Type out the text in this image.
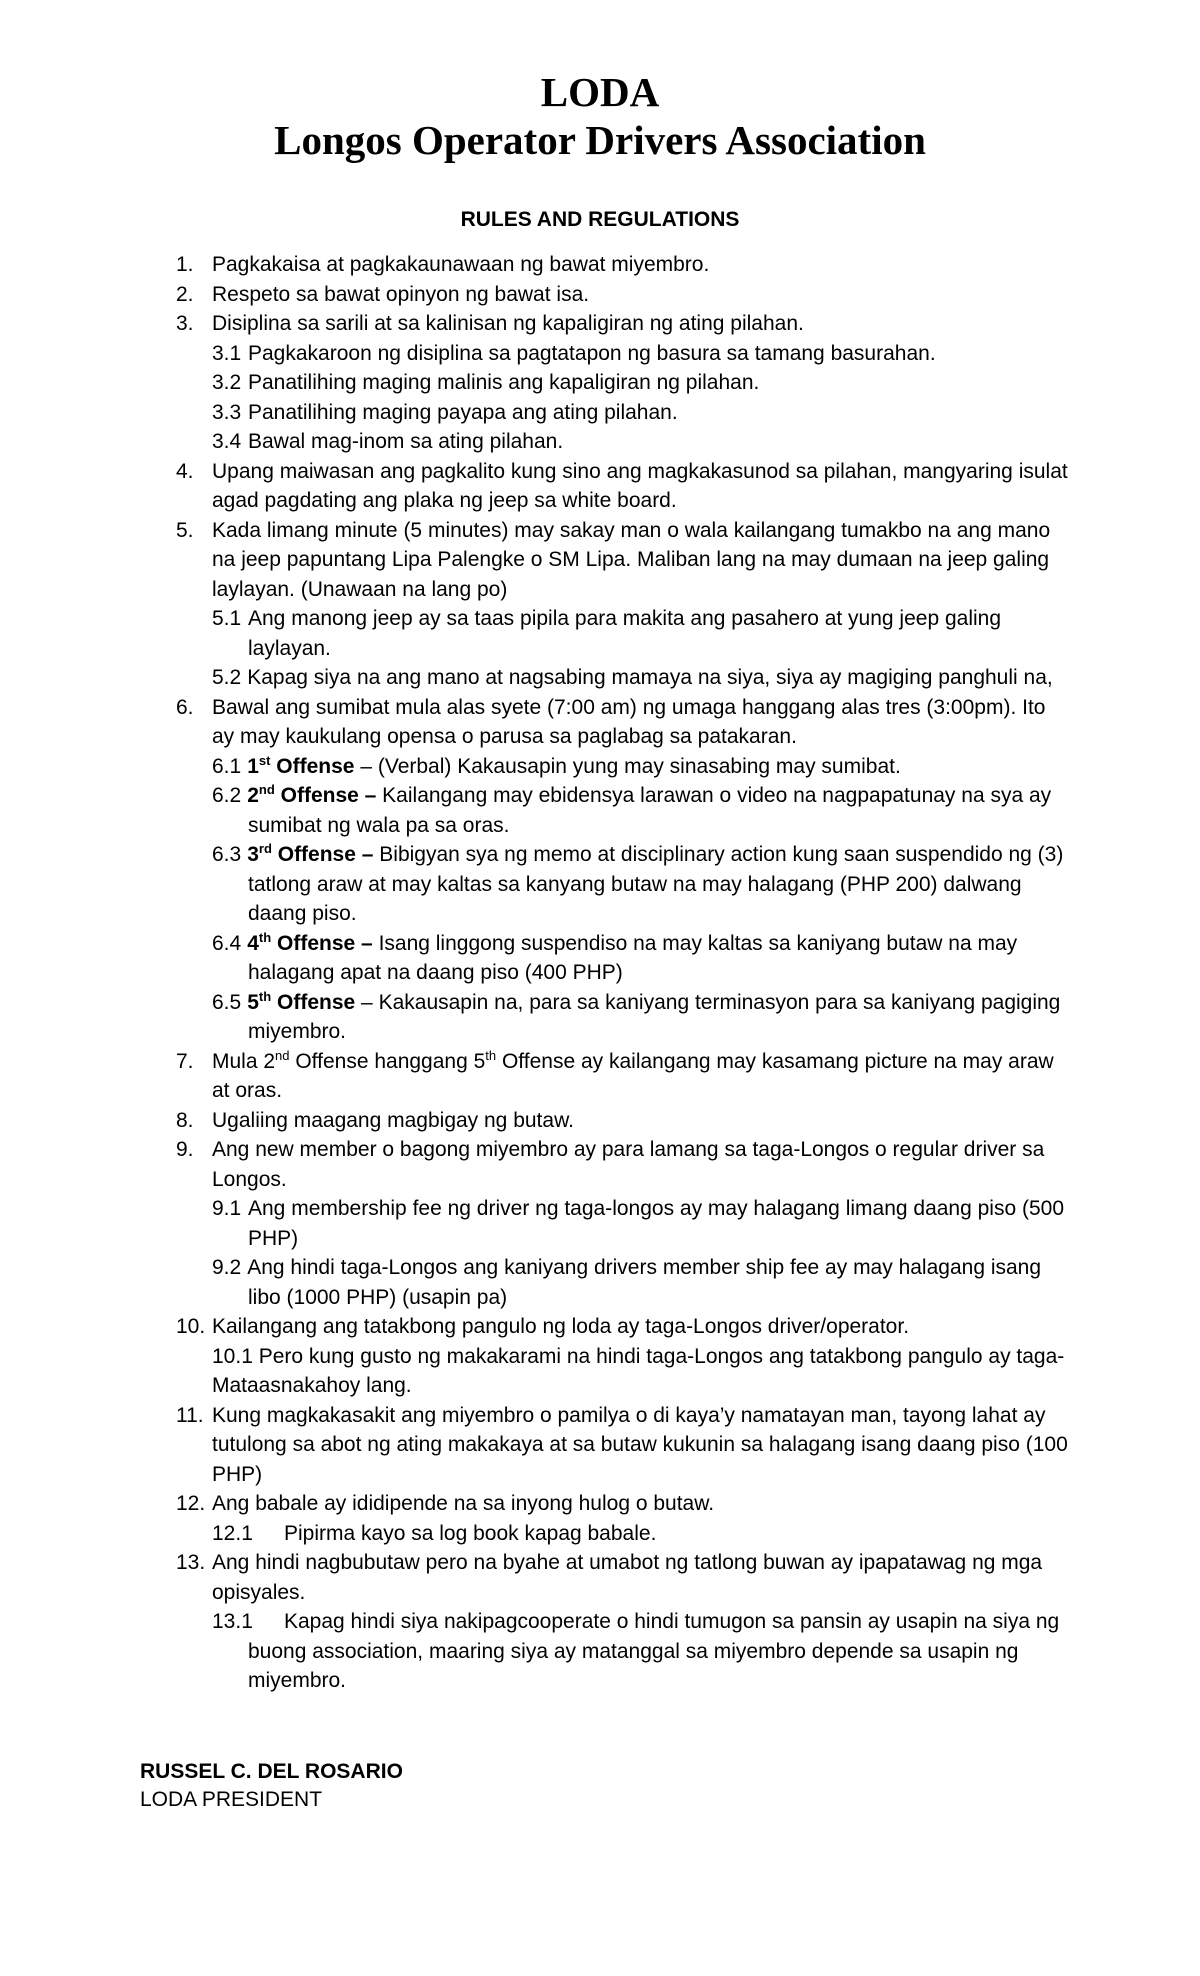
LODA
Longos Operator Drivers Association
RULES AND REGULATIONS
1. Pagkakaisa at pagkakaunawaan ng bawat miyembro.
2. Respeto sa bawat opinyon ng bawat isa.
3. Disiplina sa sarili at sa kalinisan ng kapaligiran ng ating pilahan.
3.1 Pagkakaroon ng disiplina sa pagtatapon ng basura sa tamang basurahan.
3.2 Panatilihing maging malinis ang kapaligiran ng pilahan.
3.3 Panatilihing maging payapa ang ating pilahan.
3.4 Bawal mag-inom sa ating pilahan.
4. Upang maiwasan ang pagkalito kung sino ang magkakasunod sa pilahan, mangyaring isulat agad pagdating ang plaka ng jeep sa white board.
5. Kada limang minute (5 minutes) may sakay man o wala kailangang tumakbo na ang mano na jeep papuntang Lipa Palengke o SM Lipa. Maliban lang na may dumaan na jeep galing laylayan. (Unawaan na lang po)
5.1 Ang manong jeep ay sa taas pipila para makita ang pasahero at yung jeep galing laylayan.
5.2 Kapag siya na ang mano at nagsabing mamaya na siya, siya ay magiging panghuli na,
6. Bawal ang sumibat mula alas syete (7:00 am) ng umaga hanggang alas tres (3:00pm). Ito ay may kaukulang opensa o parusa sa paglabag sa patakaran.
6.1 1st Offense – (Verbal) Kakausapin yung may sinasabing may sumibat.
6.2 2nd Offense – Kailangang may ebidensya larawan o video na nagpapatunay na sya ay sumibat ng wala pa sa oras.
6.3 3rd Offense – Bibigyan sya ng memo at disciplinary action kung saan suspendido ng (3) tatlong araw at may kaltas sa kanyang butaw na may halagang (PHP 200) dalwang daang piso.
6.4 4th Offense – Isang linggong suspendiso na may kaltas sa kaniyang butaw na may halagang apat na daang piso (400 PHP)
6.5 5th Offense – Kakausapin na, para sa kaniyang terminasyon para sa kaniyang pagiging miyembro.
7. Mula 2nd Offense hanggang 5th Offense ay kailangang may kasamang picture na may araw at oras.
8. Ugaliing maagang magbigay ng butaw.
9. Ang new member o bagong miyembro ay para lamang sa taga-Longos o regular driver sa Longos.
9.1 Ang membership fee ng driver ng taga-longos ay may halagang limang daang piso (500 PHP)
9.2 Ang hindi taga-Longos ang kaniyang drivers member ship fee ay may halagang isang libo (1000 PHP) (usapin pa)
10. Kailangang ang tatakbong pangulo ng loda ay taga-Longos driver/operator.
10.1 Pero kung gusto ng makakarami na hindi taga-Longos ang tatakbong pangulo ay taga-Mataasnakahoy lang.
11. Kung magkakasakit ang miyembro o pamilya o di kaya’y namatayan man, tayong lahat ay tutulong sa abot ng ating makakaya at sa butaw kukunin sa halagang isang daang piso (100 PHP)
12. Ang babale ay ididipende na sa inyong hulog o butaw.
12.1 Pipirma kayo sa log book kapag babale.
13. Ang hindi nagbubutaw pero na byahe at umabot ng tatlong buwan ay ipapatawag ng mga opisyales.
13.1 Kapag hindi siya nakipagcooperate o hindi tumugon sa pansin ay usapin na siya ng buong association, maaring siya ay matanggal sa miyembro depende sa usapin ng miyembro.
RUSSEL C. DEL ROSARIO
LODA PRESIDENT
